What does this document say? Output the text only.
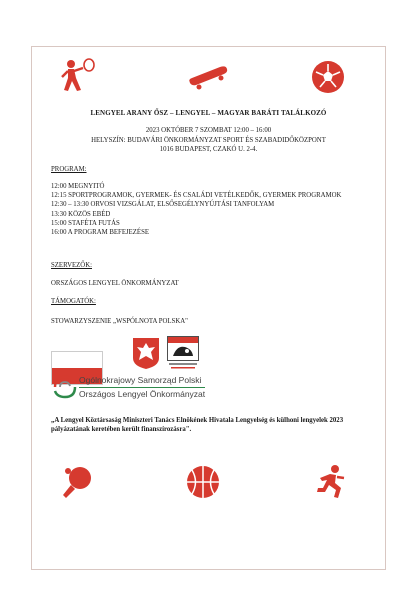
LENGYEL ARANY ŐSZ – LENGYEL – MAGYAR BARÁTI TALÁLKOZÓ
2023 OKTÓBER 7 SZOMBAT 12:00 – 16:00
HELYSZÍN: BUDAVÁRI ÖNKORMÁNYZAT SPORT ÉS SZABADIDŐKÖZPONT
1016 BUDAPEST, CZAKÓ U. 2-4.
PROGRAM:

12:00 MEGNYITÓ

12:15 SPORTPROGRAMOK, GYERMEK- ÉS CSALÁDI VETÉLKEDŐK, GYERMEK PROGRAMOK

12:30 – 13:30 ORVOSI VIZSGÁLAT, ELSŐSEGÉLYNYÚJTÁSI TANFOLYAM

13:30 KÖZÖS EBÉD

15:00 STAFÉTA FUTÁS

16:00 A PROGRAM BEFEJEZÉSE

SZERVEZŐK:
ORSZÁGOS LENGYEL ÖNKORMÁNYZAT
TÁMOGATÓK:
STOWARZYSZENIE „WSPÓLNOTA POLSKA"
Ogólnokrajowy Samorząd Polski
Országos Lengyel Önkormányzat
„A Lengyel Köztársaság Miniszteri Tanács Elnökének Hivatala Lengyelség és külhoni lengyelek 2023 pályázatának keretében került finanszírozásra".
